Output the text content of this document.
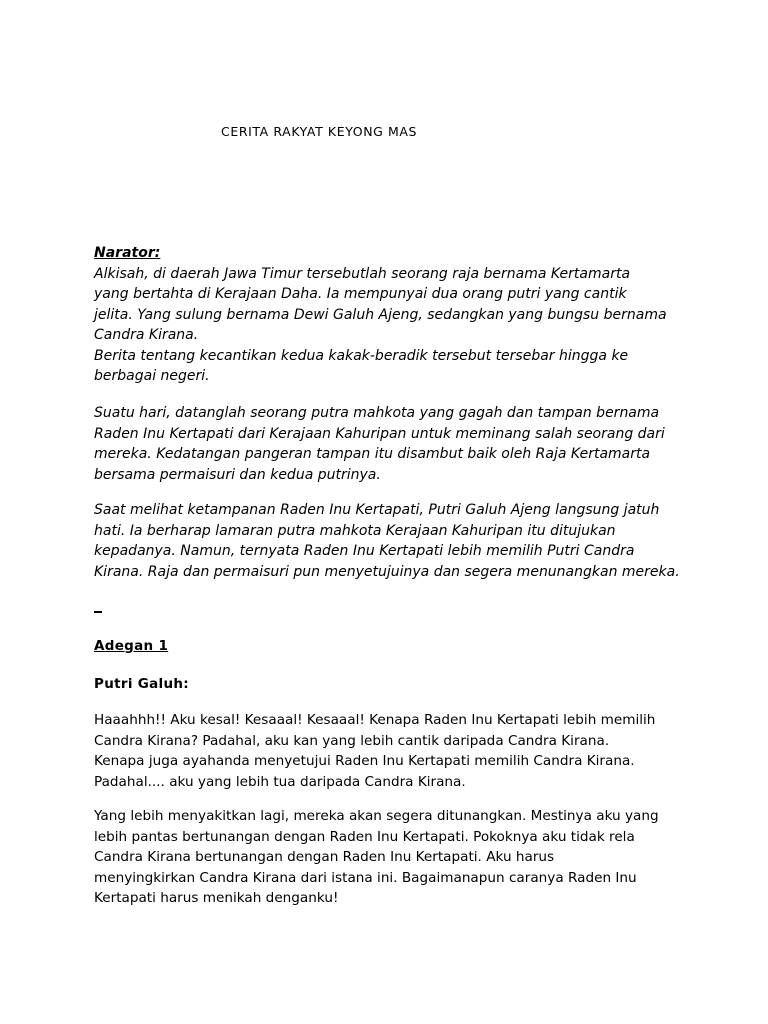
CERITA RAKYAT KEYONG MAS
Narator:
Alkisah, di daerah Jawa Timur tersebutlah seorang raja bernama Kertamarta
yang bertahta di Kerajaan Daha. Ia mempunyai dua orang putri yang cantik
jelita. Yang sulung bernama Dewi Galuh Ajeng, sedangkan yang bungsu bernama
Candra Kirana.
Berita tentang kecantikan kedua kakak-beradik tersebut tersebar hingga ke
berbagai negeri.
Suatu hari, datanglah seorang putra mahkota yang gagah dan tampan bernama
Raden Inu Kertapati dari Kerajaan Kahuripan untuk meminang salah seorang dari
mereka. Kedatangan pangeran tampan itu disambut baik oleh Raja Kertamarta
bersama permaisuri dan kedua putrinya.
Saat melihat ketampanan Raden Inu Kertapati, Putri Galuh Ajeng langsung jatuh
hati. Ia berharap lamaran putra mahkota Kerajaan Kahuripan itu ditujukan
kepadanya. Namun, ternyata Raden Inu Kertapati lebih memilih Putri Candra
Kirana. Raja dan permaisuri pun menyetujuinya dan segera menunangkan mereka.
Adegan 1
Putri Galuh:
Haaahhh!! Aku kesal! Kesaaal! Kesaaal! Kenapa Raden Inu Kertapati lebih memilih
Candra Kirana? Padahal, aku kan yang lebih cantik daripada Candra Kirana.
Kenapa juga ayahanda menyetujui Raden Inu Kertapati memilih Candra Kirana.
Padahal.... aku yang lebih tua daripada Candra Kirana.
Yang lebih menyakitkan lagi, mereka akan segera ditunangkan. Mestinya aku yang
lebih pantas bertunangan dengan Raden Inu Kertapati. Pokoknya aku tidak rela
Candra Kirana bertunangan dengan Raden Inu Kertapati. Aku harus
menyingkirkan Candra Kirana dari istana ini. Bagaimanapun caranya Raden Inu
Kertapati harus menikah denganku!
